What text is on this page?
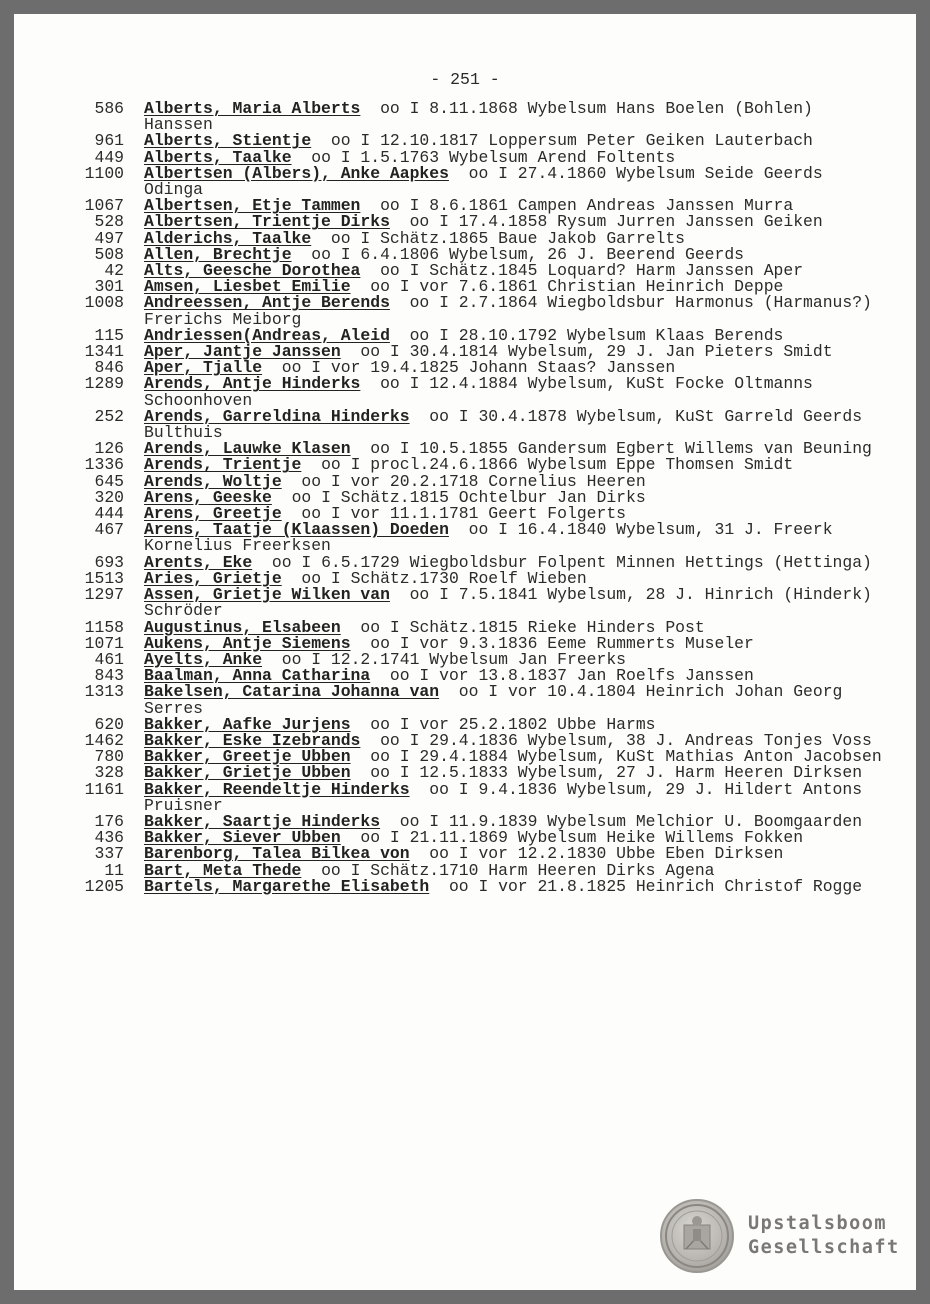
- 251 -
586 Alberts, Maria Alberts oo I 8.11.1868 Wybelsum Hans Boelen (Bohlen) Hanssen
961 Alberts, Stientje oo I 12.10.1817 Loppersum Peter Geiken Lauterbach
449 Alberts, Taalke oo I 1.5.1763 Wybelsum Arend Foltents
1100 Albertsen (Albers), Anke Aapkes oo I 27.4.1860 Wybelsum Seide Geerds Odinga
1067 Albertsen, Etje Tammen oo I 8.6.1861 Campen Andreas Janssen Murra
528 Albertsen, Trientje Dirks oo I 17.4.1858 Rysum Jurren Janssen Geiken
497 Alderichs, Taalke oo I Schätz.1865 Baue Jakob Garrelts
508 Allen, Brechtje oo I 6.4.1806 Wybelsum, 26 J. Beerend Geerds
42 Alts, Geesche Dorothea oo I Schätz.1845 Loquard? Harm Janssen Aper
301 Amsen, Liesbet Emilie oo I vor 7.6.1861 Christian Heinrich Deppe
1008 Andreessen, Antje Berends oo I 2.7.1864 Wiegboldsbur Harmonus (Harmanus?) Frerichs Meiborg
115 Andriessen(Andreas, Aleid oo I 28.10.1792 Wybelsum Klaas Berends
1341 Aper, Jantje Janssen oo I 30.4.1814 Wybelsum, 29 J. Jan Pieters Smidt
846 Aper, Tjalle oo I vor 19.4.1825 Johann Staas? Janssen
1289 Arends, Antje Hinderks oo I 12.4.1884 Wybelsum, KuSt Focke Oltmanns Schoonhoven
252 Arends, Garreldina Hinderks oo I 30.4.1878 Wybelsum, KuSt Garreld Geerds Bulthuis
126 Arends, Lauwke Klasen oo I 10.5.1855 Gandersum Egbert Willems van Beuning
1336 Arends, Trientje oo I procl.24.6.1866 Wybelsum Eppe Thomsen Smidt
645 Arends, Woltje oo I vor 20.2.1718 Cornelius Heeren
320 Arens, Geeske oo I Schätz.1815 Ochtelbur Jan Dirks
444 Arens, Greetje oo I vor 11.1.1781 Geert Folgerts
467 Arens, Taatje (Klaassen) Doeden oo I 16.4.1840 Wybelsum, 31 J. Freerk Kornelius Freerksen
693 Arents, Eke oo I 6.5.1729 Wiegboldsbur Folpent Minnen Hettings (Hettinga)
1513 Aries, Grietje oo I Schätz.1730 Roelf Wieben
1297 Assen, Grietje Wilken van oo I 7.5.1841 Wybelsum, 28 J. Hinrich (Hinderk) Schröder
1158 Augustinus, Elsabeen oo I Schätz.1815 Rieke Hinders Post
1071 Aukens, Antje Siemens oo I vor 9.3.1836 Eeme Rummerts Museler
461 Ayelts, Anke oo I 12.2.1741 Wybelsum Jan Freerks
843 Baalman, Anna Catharina oo I vor 13.8.1837 Jan Roelfs Janssen
1313 Bakelsen, Catarina Johanna van oo I vor 10.4.1804 Heinrich Johan Georg Serres
620 Bakker, Aafke Jurjens oo I vor 25.2.1802 Ubbe Harms
1462 Bakker, Eske Izebrands oo I 29.4.1836 Wybelsum, 38 J. Andreas Tonjes Voss
780 Bakker, Greetje Ubben oo I 29.4.1884 Wybelsum, KuSt Mathias Anton Jacobsen
328 Bakker, Grietje Ubben oo I 12.5.1833 Wybelsum, 27 J. Harm Heeren Dirksen
1161 Bakker, Reendeltje Hinderks oo I 9.4.1836 Wybelsum, 29 J. Hildert Antons Pruisner
176 Bakker, Saartje Hinderks oo I 11.9.1839 Wybelsum Melchior U. Boomgaarden
436 Bakker, Siever Ubben oo I 21.11.1869 Wybelsum Heike Willems Fokken
337 Barenborg, Talea Bilkea von oo I vor 12.2.1830 Ubbe Eben Dirksen
11 Bart, Meta Thede oo I Schätz.1710 Harm Heeren Dirks Agena
1205 Bartels, Margarethe Elisabeth oo I vor 21.8.1825 Heinrich Christof Rogge
Upstalsboom
Gesellschaft
